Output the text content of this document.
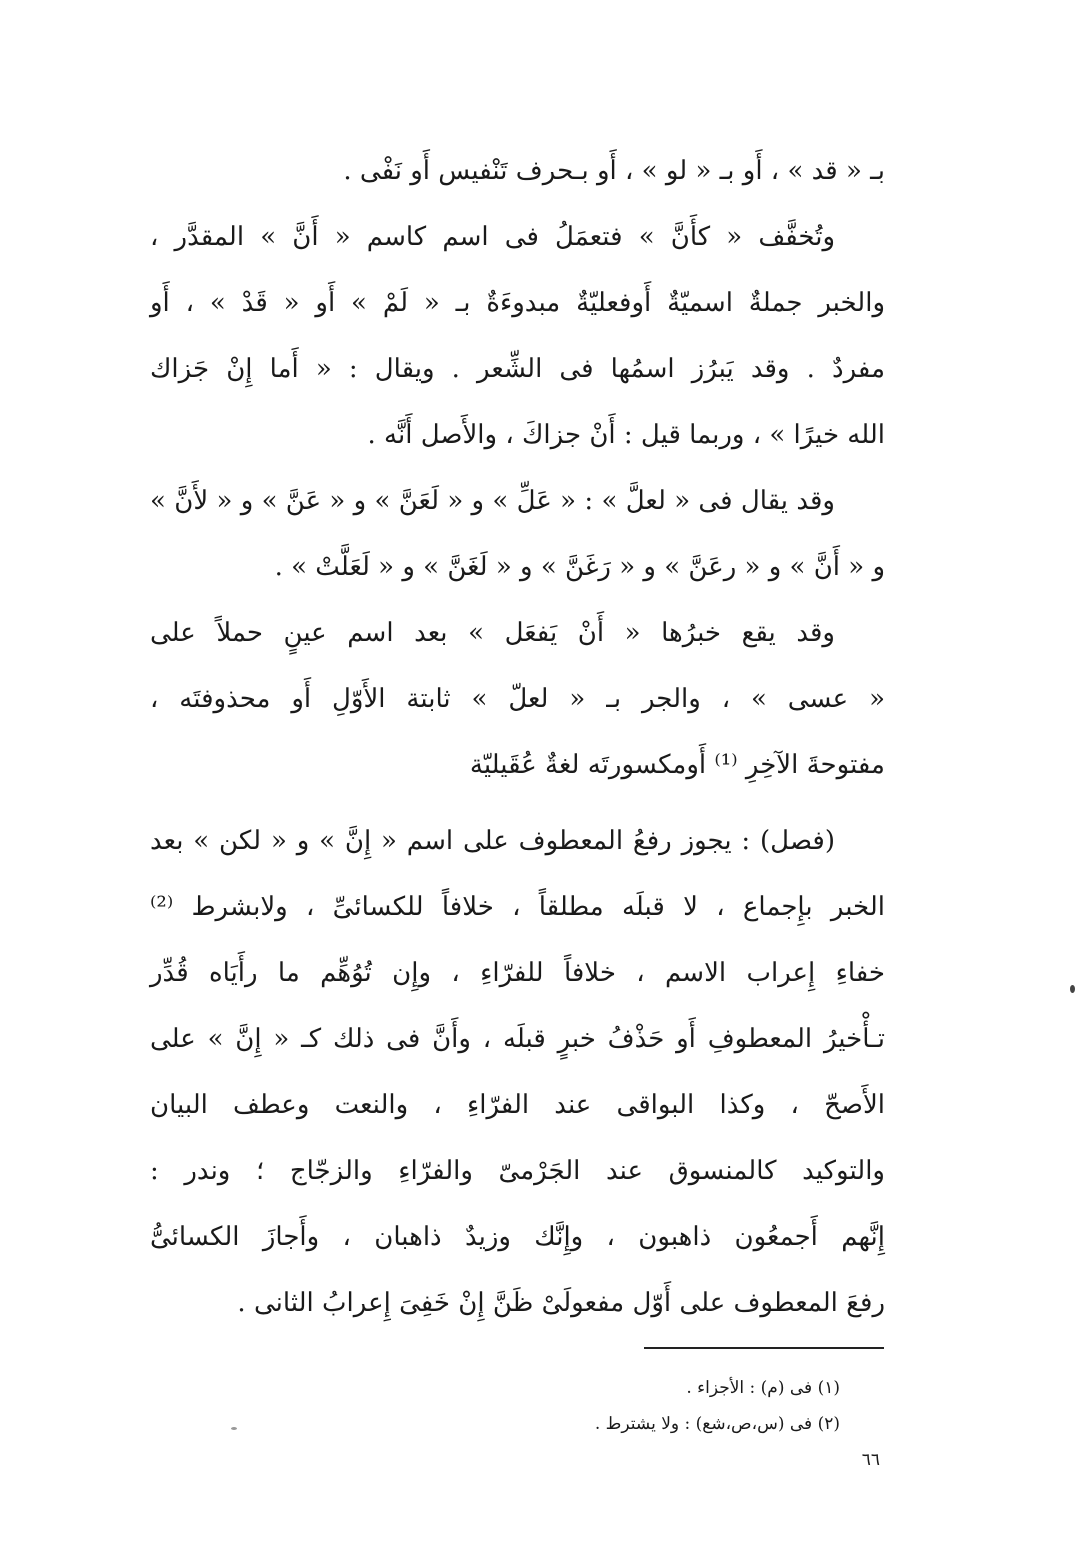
بـ « قد » ، أَو بـ « لو » ، أَو بـحرف تَنْفيس أَو نَفْى .
وتُخفَّف « كأَنَّ » فتعمَلُ فى اسم كاسم « أَنَّ » المقدَّر ،
والخبر جملةٌ اسميّةٌ أَوفعليّةٌ مبدوءَةٌ بـ « لَمْ » أَو « قَدْ » ، أَو
مفردٌ . وقد يَبرُز اسمُها فى الشِّعر . ويقال : « أَما إِنْ جَزاك
الله خيرًا » ، وربما قيل : أَنْ جزاكَ ، والأَصل أَنَّه .
وقد يقال فى « لعلَّ » : « عَلِّ » و « لَعَنَّ » و « عَنَّ » و « لأَنَّ »
و « أَنَّ » و « رعَنَّ » و « رَغَنَّ » و « لَغَنَّ » و « لَعَلَّتْ » .
وقد يقع خبرُها « أَنْ يَفعَل » بعد اسم عينٍ حملاً على
« عسى » ، والجر بـ « لعلّ » ثابتة الأَوّلِ أَو محذوفتَه ،
مفتوحةَ الآخِرِ ⁽¹⁾ أَومكسورتَه لغةٌ عُقَيليّة
(فصل) : يجوز رفعُ المعطوف على اسم « إِنَّ » و « لكن » بعد
الخبر بإِجماع ، لا قبلَه مطلقاً ، خلافاً للكسائىِّ ، ولابشرط ⁽²⁾
خفاءِ إِعراب الاسم ، خلافاً للفرّاءِ ، وإِن تُوُهِّم ما رأَيَاه قُدِّر
تـأْخيرُ المعطوفِ أَو حَذْفُ خبرٍ قبلَه ، وأَنَّ فى ذلك كـ « إِنَّ » على
الأَصحّ ، وكذا البواقى عند الفرّاءِ ، والنعت وعطف البيان
والتوكيد كالمنسوق عند الجَرْمىّ والفرّاءِ والزجّاج ؛ وندر :
إِنَّهم أَجمعُون ذاهبون ، وإِنَّك وزيدٌ ذاهبان ، وأَجازَ الكسائىُّ
رفعَ المعطوف على أَوّل مفعولَىْ ظَنَّ إِنْ خَفِىَ إِعرابُ الثانى .
(١) فى (م) : الأجزاء .
(٢) فى (س،ص،شع) : ولا يشترط .
٦٦
